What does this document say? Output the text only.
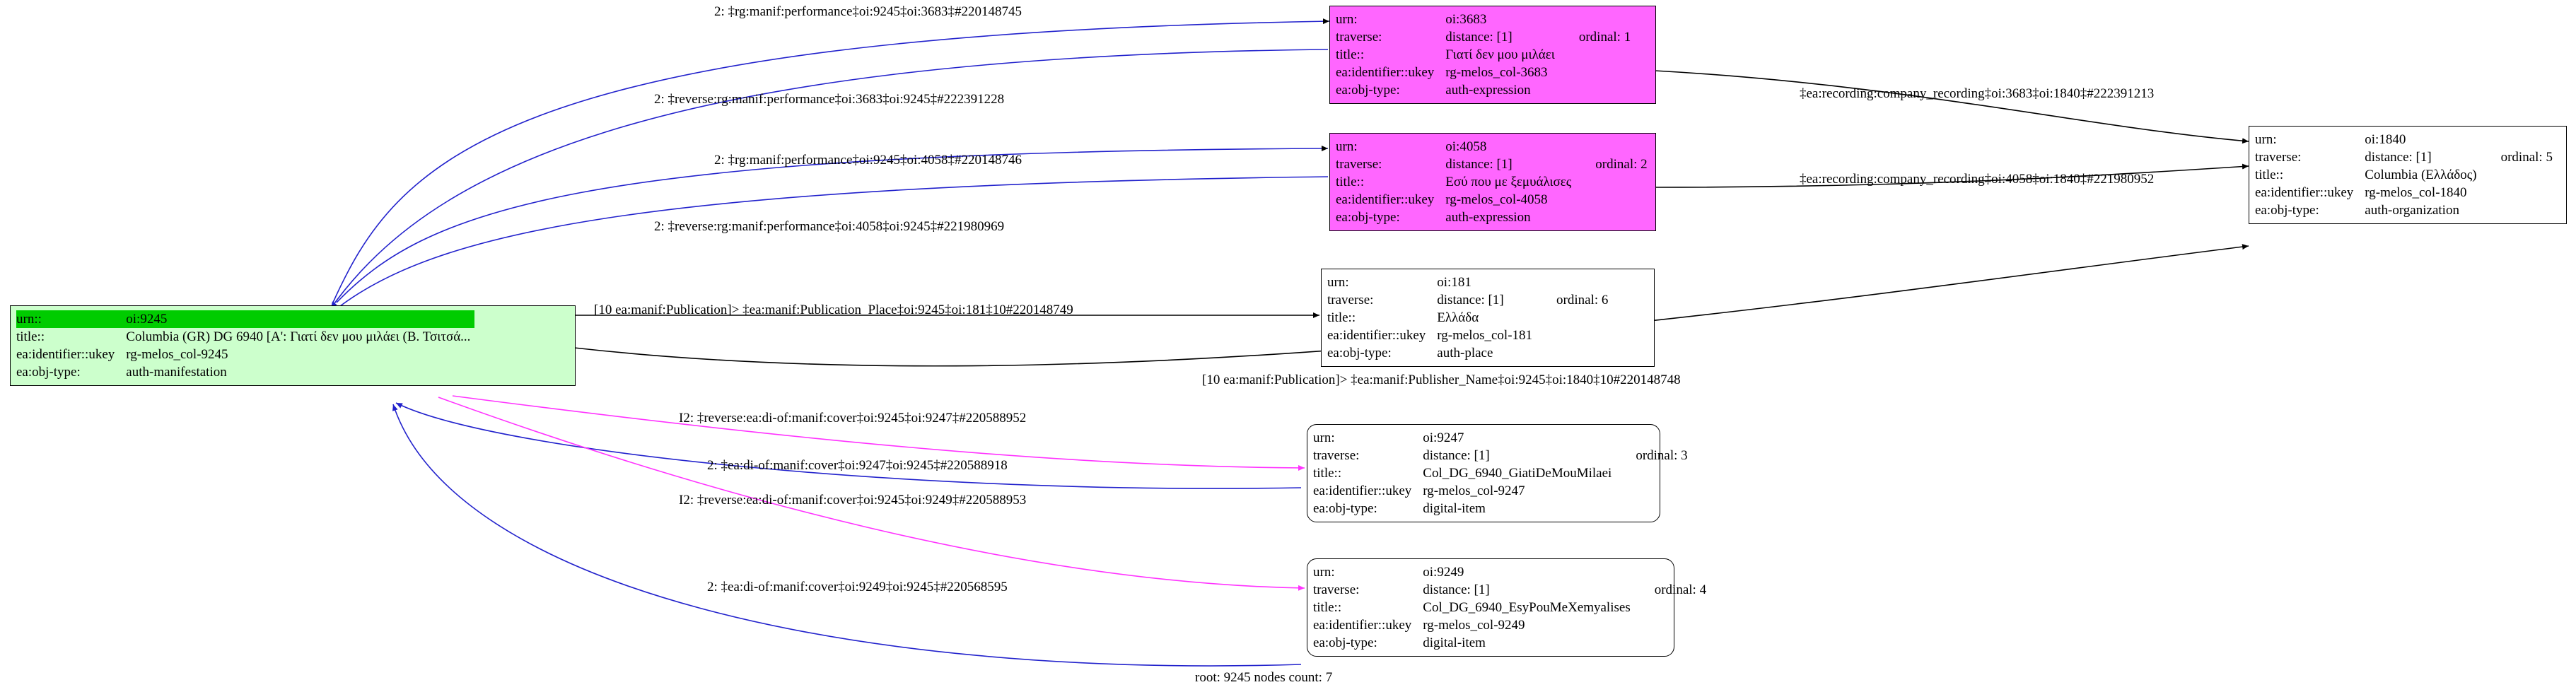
urn::	oi:9245
title::	Columbia (GR) DG 6940 [A': Γιατί δεν μου μιλάει (Β. Τσιτσά...
ea:identifier::ukey	rg-melos_col-9245
ea:obj-type:	auth-manifestation
urn:	oi:3683	
traverse:	distance: [1]	ordinal: 1
title::	Γιατί δεν μου μιλάει	
ea:identifier::ukey	rg-melos_col-3683	
ea:obj-type:	auth-expression	
urn:	oi:4058	
traverse:	distance: [1]	ordinal: 2
title::	Εσύ που με ξεμυάλισες	
ea:identifier::ukey	rg-melos_col-4058	
ea:obj-type:	auth-expression	
urn:	oi:181	
traverse:	distance: [1]	ordinal: 6
title::	Ελλάδα	
ea:identifier::ukey	rg-melos_col-181	
ea:obj-type:	auth-place	
urn:	oi:1840	
traverse:	distance: [1]	ordinal: 5
title::	Columbia (Ελλάδος)	
ea:identifier::ukey	rg-melos_col-1840	
ea:obj-type:	auth-organization	
urn:	oi:9247	
traverse:	distance: [1]	ordinal: 3
title::	Col_DG_6940_GiatiDeMouMilaei	
ea:identifier::ukey	rg-melos_col-9247	
ea:obj-type:	digital-item	
urn:	oi:9249	
traverse:	distance: [1]	ordinal: 4
title::	Col_DG_6940_EsyPouMeXemyalises	
ea:identifier::ukey	rg-melos_col-9249	
ea:obj-type:	digital-item	
2: ‡rg:manif:performance‡oi:9245‡oi:3683‡#220148745
2: ‡reverse:rg:manif:performance‡oi:3683‡oi:9245‡#222391228
2: ‡rg:manif:performance‡oi:9245‡oi:4058‡#220148746
2: ‡reverse:rg:manif:performance‡oi:4058‡oi:9245‡#221980969
[10 ea:manif:Publication]> ‡ea:manif:Publication_Place‡oi:9245‡oi:181‡10#220148749
[10 ea:manif:Publication]> ‡ea:manif:Publisher_Name‡oi:9245‡oi:1840‡10#220148748
‡ea:recording:company_recording‡oi:3683‡oi:1840‡#222391213
‡ea:recording:company_recording‡oi:4058‡oi:1840‡#221980952
I2: ‡reverse:ea:di-of:manif:cover‡oi:9245‡oi:9247‡#220588952
2: ‡ea:di-of:manif:cover‡oi:9247‡oi:9245‡#220588918
I2: ‡reverse:ea:di-of:manif:cover‡oi:9245‡oi:9249‡#220588953
2: ‡ea:di-of:manif:cover‡oi:9249‡oi:9245‡#220568595
root: 9245 nodes count: 7
